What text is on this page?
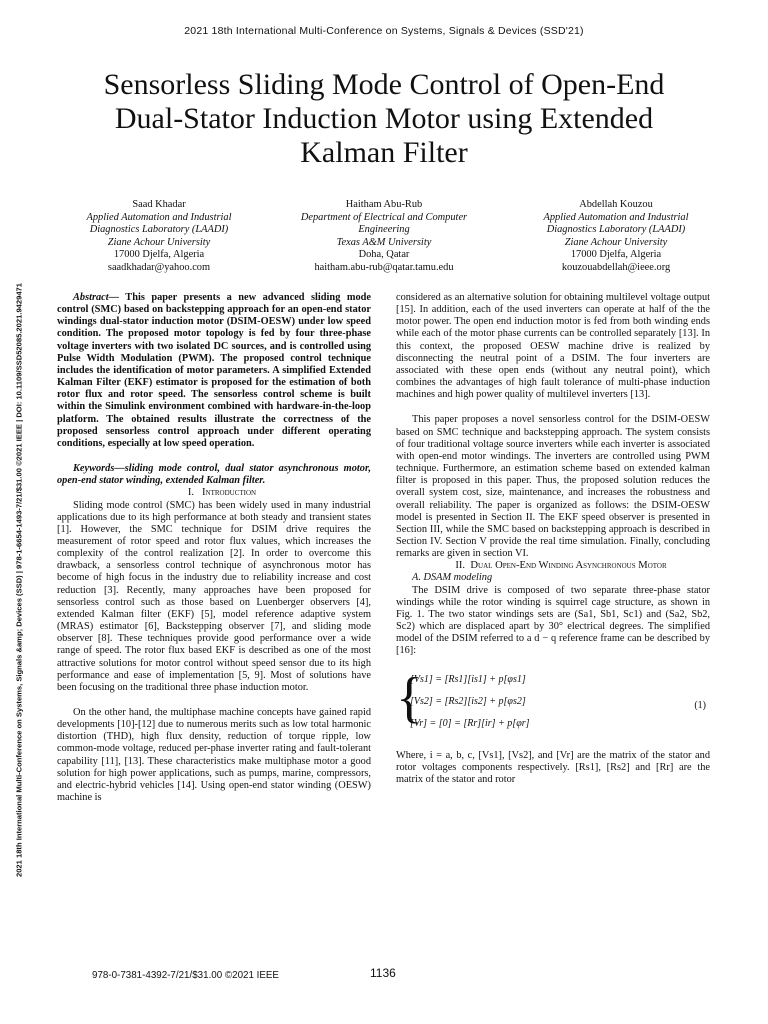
2021 18th International Multi-Conference on Systems, Signals & Devices (SSD'21)
Sensorless Sliding Mode Control of Open-End
Dual-Stator Induction Motor using Extended
Kalman Filter
Saad Khadar
Applied Automation and Industrial
Diagnostics Laboratory (LAADI)
Ziane Achour University
17000 Djelfa, Algeria
saadkhadar@yahoo.com
Haitham Abu-Rub
Department of Electrical and Computer
Engineering
Texas A&M University
Doha, Qatar
haitham.abu-rub@qatar.tamu.edu
Abdellah Kouzou
Applied Automation and Industrial
Diagnostics Laboratory (LAADI)
Ziane Achour University
17000 Djelfa, Algeria
kouzouabdellah@ieee.org
2021 18th International Multi-Conference on Systems, Signals &amp; Devices (SSD) | 978-1-6654-1493-7/21/$31.00 ©2021 IEEE | DOI: 10.1109/SSD52085.2021.9429471	Abstract— This paper presents a new advanced sliding mode control (SMC) based on backstepping approach for an open-end stator windings dual-stator induction motor (DSIM-OESW) under low speed condition. The proposed motor topology is fed by four three-phase voltage inverters with two isolated DC sources, and is controlled using Pulse Width Modulation (PWM). The proposed control technique includes the identification of motor parameters. A simplified Extended Kalman Filter (EKF) estimator is proposed for the estimation of both rotor flux and rotor speed. The sensorless control scheme is built within the Simulink environment combined with hardware-in-the-loop platform. The obtained results illustrate the correctness of the proposed sensorless control approach under different operating conditions, especially at low speed operation.

Keywords—sliding mode control, dual stator asynchronous motor, open-end stator winding, extended Kalman filter.

I. Introduction

Sliding mode control (SMC) has been widely used in many industrial applications due to its high performance at both steady and transient states [1]. However, the SMC technique for DSIM drive requires the measurement of rotor speed and rotor flux values, which increases the complexity of the control realization [2]. In order to overcome this drawback, a sensorless control technique of asynchronous motor has become of high focus in the industry due to reliability increase and cost reduction [3]. Recently, many approaches have been proposed for sensorless control such as those based on Luenberger observers [4], extended Kalman filter (EKF) [5], model reference adaptive system (MRAS) estimator [6], Backstepping observer [7], and sliding mode observer [8]. These techniques provide good performance over a wide range of speed. The rotor flux based EKF is described as one of the most attractive solutions for motor control without speed sensor due to its high performance and ease of implementation [5, 9]. Most of solutions have been focusing on the traditional three phase induction motor.

On the other hand, the multiphase machine concepts have gained rapid developments [10]-[12] due to numerous merits such as low total harmonic distortion (THD), high flux density, reduction of torque ripple, low common-mode voltage, reduced per-phase inverter rating and fault-tolerant capability [11], [13]. These characteristics make multiphase motor a good solution for high power applications, such as pumps, marine, compressors, and electric-hybrid vehicles [14]. Using open-end stator winding (OESW) machine is

considered as an alternative solution for obtaining multilevel voltage output [15]. In addition, each of the used inverters can operate at half of the the motor power. The open end induction motor is fed from both winding ends while each of the motor phase currents can be controlled separately [13]. In this context, the proposed OESW machine drive is realized by disconnecting the neutral point of a DSIM. The four inverters are associated with these open ends (without any neutral point), which combines the advantages of high fault tolerance of multi-phase induction machines and high power quality of multilevel inverters [13].

This paper proposes a novel sensorless control for the DSIM-OESW based on SMC technique and backstepping approach. The system consists of four traditional voltage source inverters while each inverter is associated with open-end motor windings. The inverters are controlled using PWM technique. Furthermore, an estimation scheme based on extended kalman filter is proposed in this paper. Thus, the proposed solution reduces the overall system cost, size, maintenance, and increases the robustness and overall reliability. The paper is organized as follows: the DSIM-OESW model is presented in Section II. The EKF speed observer is presented in Section III, while the SMC based on backstepping approach is described in Section IV. Section V provide the real time simulation. Finally, concluding remarks are given in section VI.

II. Dual Open-End Winding Asynchronous Motor

A. DSAM modeling

The DSIM drive is composed of two separate three-phase stator windings while the rotor winding is squirrel cage structure, as shown in Fig. 1. The two stator windings sets are (Sa1, Sb1, Sc1) and (Sa2, Sb2, Sc2) which are displaced apart by 30° electrical degrees. The simplified model of the DSIM referred to a d − q reference frame can be described by [16]:

{
[Vs1] = [Rs1][is1] + p[φs1]
[Vs2] = [Rs2][is2] + p[φs2]
[Vr] = [0] = [Rr][ir] + p[φr]
(1)

Where, i = a, b, c, [Vs1], [Vs2], and [Vr] are the matrix of the stator and rotor voltages components respectively. [Rs1], [Rs2] and [Rr] are the matrix of the stator and rotor

978-0-7381-4392-7/21/$31.00 ©2021 IEEE	1136
